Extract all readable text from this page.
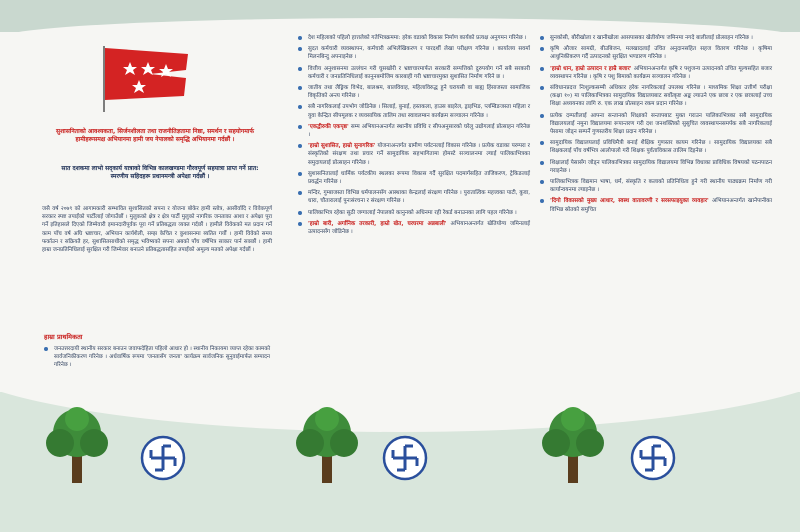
सुशासनिताको आवश्यकता, सिर्जनशीलता तथा राजनीतिज्ञतामा निष्ठा, समर्थन र सहयोगमार्फ हामीहरूसमक्ष अभियानमा हामी जय नेपालको समृद्धि अभियानमा गर्दछौं ।
सात दशकमा लाभो सद्‌कार्य यात्राको विभिन्न कालखण्डमा गौरवपूर्ण सहयात्रा प्राप्त गर्ने प्रात: स्मरणीय सहिदहरू प्रधानमन्त्री अपेक्षा गर्दछौं ।
जसै वर्ष २०७९ को आगामकारी सम्भावित सुशासितको सपना र योजना बोकेर हामी स्तोत्र, आसीर्वादि र विवेकपूर्ण सरकार स्पष्ट तपाईंको पार्टीलाई जोगाउँछौं । मुलुकको क्षेत्र र क्षेत्र पार्टी मुलुको नागरिक जनताका आशा र अपेक्षा पूरा गर्ने इतिहासले दिएको जिम्मेवारी इमानदारीपूर्वक पूरा गर्ने प्रतिबद्धता व्यक्त गर्दछौं । हामीले विवेकको मत प्रदान गर्ने काम पाँच वर्ष अघि भ्रष्टाचार, अभियान कार्यशैली, सम्झ केचित र कुशासनमा ब्यतित गर्यौं । हामी विवेको समय फर्काउन र सक्रियतै हर, सुशासितसाथीको समृद्ध भविष्यको सपना अबको पाँच वर्षभित्र साकार पार्न सक्छौं । हामी हाम्रा जनप्रतिनिधिलाई सुरक्षित गरी जिम्मेवार बनाउने प्रतिबद्धतासहित तपाईंको अमूल्य मतको अपेक्षा गर्दछौं ।
हाम्रा प्राथमिकता
जनउत्तरदायी स्थानीय सरकार बनाउन जवाफदेहिता पहिलो आधार हो । स्थानीय निकायमा व्याप्त रहेका कामको सार्वजनिकीकरण गरिनेछ । अर्धवार्षिक रूपमा 'जनतासँग जनता' कार्यक्रम सार्वजनिक सुनुवाईमार्फत सम्पादन गरिनेछ ।
देश महिलाको पहिलो हात्तलेको गतेभित्रक्रममा: हरेक वडाको विकास निर्माण कार्यको प्रत्यक्ष अनुगमन गरिनेछ ।
सुदत कर्मचारी व्यवस्थापन, कर्मचारी अभिलेखिकरण र पारदर्शी लेखा परीक्षण गरिनेछ । कार्यालय सवर्मा मिलनबिन्दु अपनाइनेछ ।
वित्तीय अनुशासनमा उल्लंघन गरी घुसखोरी र भ्रष्टाचारमार्फत सरकारी सम्पत्तिको दुरुपयोग गर्ने सबै सरकारी कर्मचारी र जनप्रतिनिधिलाई कानुनबमोजिम कारबाही गरी भ्रष्टाचारमुक्त सुशासित निर्माण गरिने छ ।
जातीय तथा लैङ्गिक विभेद, बालश्रम, बालविवाह, महिलाविरुद्ध हुने घरायसी वा बाह्य हिंसाजस्ता सामाजिक विकृतिको अन्त्य गरिनेछ ।
सबै नागरिकलाई उपभोग जोडिनेछ । सिलाई, बुनाई, हस्तकला, हाउस बाइरेल, ड्राइभिङ, प्लम्बिङजस्ता महिला र युवा केन्द्रित सीपमूलक र व्यवसायिक तालिम तथा स्वावलम्बन कार्यक्रम सञ्चालन गरिनेछ ।
'एकद्वीरुकी एकपृष्ठ' सम्म अभियानअन्तर्गत स्थानीय प्रविधि र सीपअनुसारको घरेलु उद्योगलाई प्रोत्साहन गरिनेछ ।
'हाम्रो सुशासित, हाम्रो सुनागरिक' योजनाअन्तर्गत ग्रामीण पर्यटनलाई विकास गरिनेछ । प्रत्येक वडाका परम्परा र संस्कृतिको संरक्षण तथा प्रचार गर्ने सामुदायिक सहभागितामा होमस्टे सञ्चालनमा ल्याई पालिकाभित्रका समुदायलाई प्रोत्साहन गरिनेछ ।
सुशासनितालाई धार्मिक पर्यटकीय स्थलका रूपमा विकास गर्दै सुरक्षित पदमार्गसहित ताजिकरण, ट्रेकिङलाई प्रवर्द्धन गरिनेछ ।
मन्दिर, गुम्बाजस्ता विभिन्न धर्मपालनसँग आस्थाका केन्द्रलाई संरक्षण गरिनेछ । पुरातात्विक महत्त्वका पाटी, कुवा, धारा, चौतारालाई पुनःसंरचना र संरक्षण गरिनेछ ।
पालिकाभित्र रहेका सुठी जग्गालाई नेपालको कानुनको अधिनमा रही रेकर्ड बनाउनका लागि पहल गरिनेछ ।
'हाम्रो बारी, अर्गानिक तरकारी, हाम्रो खेत, घरघरमा अन्नबाली' अभियानअन्तर्गत खेतियोग्य जमिनलाई उत्पादनसँग जोडिनेछ ।
सुनकोसी, बौरीखोला र खानीखोला आसपासका खेतीयोग्य जमिनमा नगदे बालीलाई प्रोत्साहन गरिनेछ ।
कृषि औजार सामग्री, बीउबिजन, मलखादलाई उचित अनुदानसहित सहज वितरण गरिनेछ । कृषिमा आधुनिकीकरण गर्दै उत्पादनको सुरक्षित भण्डारण गरिनेछ ।
'हाम्रो धान, हाम्रो उत्पादन र हाम्रै बजार' अभियानअन्तर्गत कृषि र पशुजन्य उत्पादनको उचित मूल्यसहित बजार व्यवस्थापन गरिनेछ । कृषि र पशु बिमाको कार्यक्रम सञ्चालन गरिनेछ ।
संविधानप्रदत्त निःशुल्कसम्मी अधिकार हरेक नागरिकलाई उपलब्ध गरिनेछ । माध्यमिक शिक्षा उत्तीर्ण परीक्षा (कक्षा १०) मा पालिकाभित्रका सामुदायिक विद्यालयबाट सर्वोत्कृष्ट अङ्क ल्याउने एक छात्रा र एक छात्रलाई उच्च शिक्षा अध्ययनका लागि रु. एक लाख प्रोत्साहन रकम प्रदान गरिनेछ ।
प्रत्येक दम्पतीलाई आफ्ना सन्तानको शिक्षाको सन्तापबाट मुक्त गराउन पालिकाभित्रका सबै सामुदायिक विद्यालयलाई नमुना विद्यालयमा रूपान्तरण गरी दश जनशक्तिको सुसुचित व्यवस्थापनसमर्पक सबै नागरिकलाई पेसामा जोड्न सम्पर्ने गुणस्तरीय शिक्षा प्रदान गरिनेछ ।
सामुदायिक विद्यालयलाई प्रविधिमैत्री बनाई शैक्षिक गुणस्तर कायम गरिनेछ । सामुदायिक विद्यालयका सबै शिक्षकलाई पाँच वर्षभित्र आलोपालो गरी शिक्षक पुर्वताविकास तालिम दिइनेछ ।
शिक्षालाई पेसासँग जोड्न पालिकाभित्रका सामुदायिक विद्यालयमा विभिन्न विधाका प्राविधिक विषयको पठनपाठन गराइनेछ ।
पालिकाभित्रक विद्यमान भाषा, धर्म, संस्कृति र कलाको प्रतिनिधित्व हुने गरी स्थानीय पाठ्यक्रम निर्माण गरी कार्यान्वयनमा ल्याइनेछ ।
'दिगो विकासको मुख्य आधार, स्वस्थ वातावरणी र सरसफाइयुक्त व्यवहार' अभियानअन्तर्गत खानेपानीका विभिन्न स्रोतको समुचित
